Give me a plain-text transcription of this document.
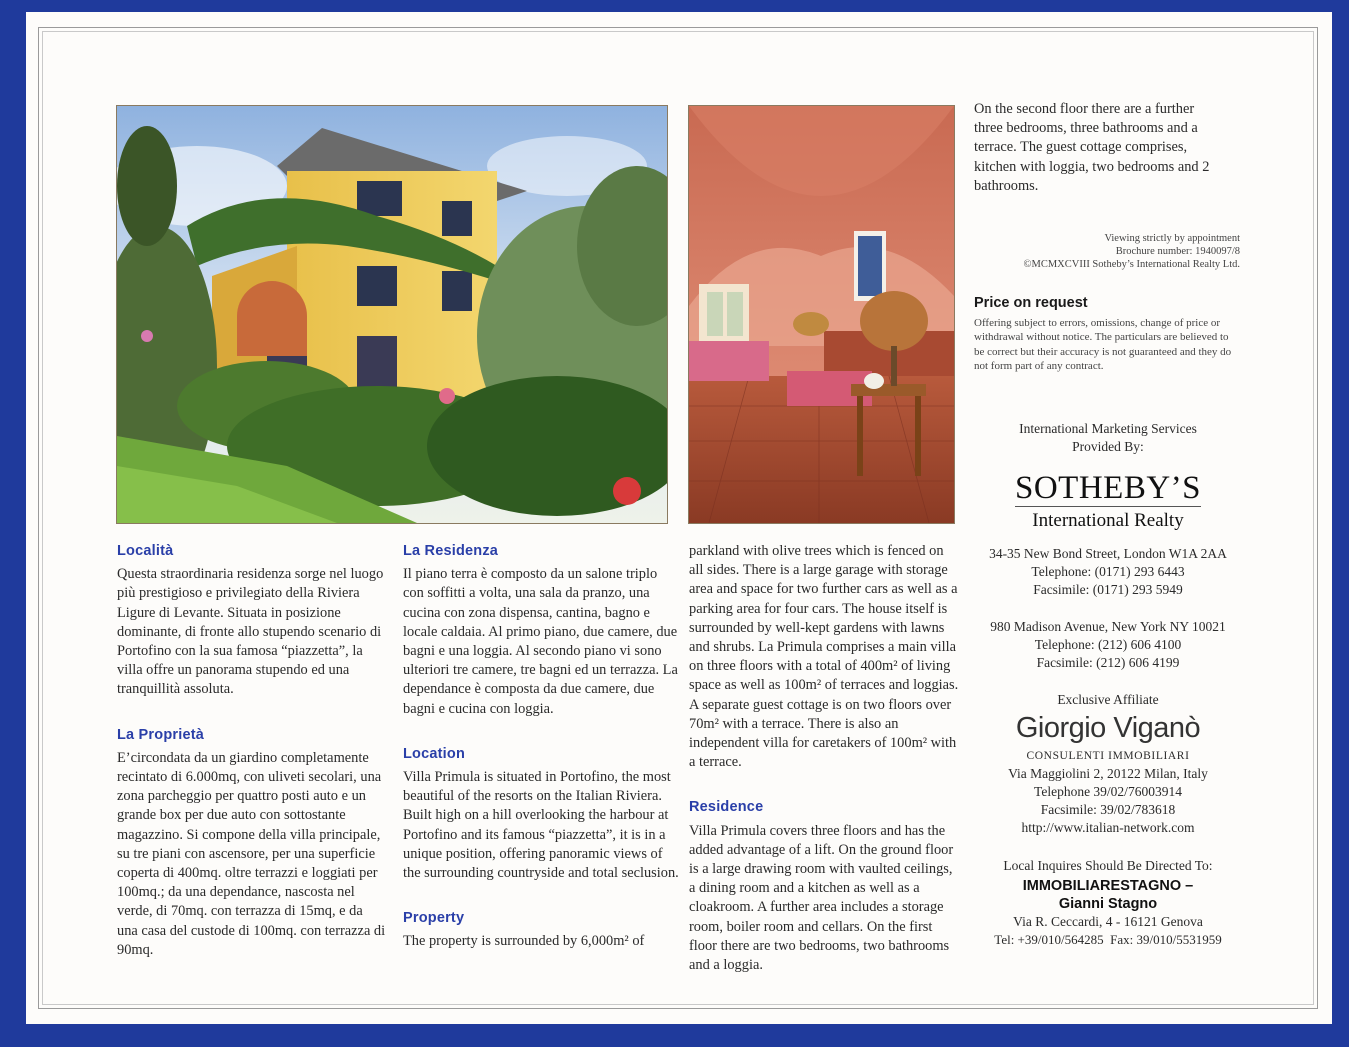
Località

Questa straordinaria residenza sorge nel luogo più prestigioso e privilegiato della Riviera Ligure di Levante. Situata in posizione dominante, di fronte allo stupendo scenario di Portofino con la sua famosa “piazzetta”, la villa offre un panorama stupendo ed una tranquillità assoluta.

La Proprietà

E’circondata da un giardino completamente recintato di 6.000mq, con uliveti secolari, una zona parcheggio per quattro posti auto e un grande box per due auto con sottostante magazzino. Si compone della villa principale, su tre piani con ascensore, per una superficie coperta di 400mq. oltre terrazzi e loggiati per 100mq.; da una dependance, nascosta nel verde, di 70mq. con terrazza di 15mq, e da una casa del custode di 100mq. con terrazza di 90mq.

La Residenza

Il piano terra è composto da un salone triplo con soffitti a volta, una sala da pranzo, una cucina con zona dispensa, cantina, bagno e locale caldaia. Al primo piano, due camere, due bagni e una loggia. Al secondo piano vi sono ulteriori tre camere, tre bagni ed un terrazza. La dependance è composta da due camere, due bagni e cucina con loggia.

Location

Villa Primula is situated in Portofino, the most beautiful of the resorts on the Italian Riviera. Built high on a hill overlooking the harbour at Portofino and its famous “piazzetta”, it is in a unique position, offering panoramic views of the surrounding countryside and total seclusion.

Property

The property is surrounded by 6,000m² of

parkland with olive trees which is fenced on all sides. There is a large garage with storage area and space for two further cars as well as a parking area for four cars. The house itself is surrounded by well-kept gardens with lawns and shrubs. La Primula comprises a main villa on three floors with a total of 400m² of living space as well as 100m² of terraces and loggias. A separate guest cottage is on two floors over 70m² with a terrace. There is also an independent villa for caretakers of 100m² with a terrace.

Residence

Villa Primula covers three floors and has the added advantage of a lift. On the ground floor is a large drawing room with vaulted ceilings, a dining room and a kitchen as well as a cloakroom. A further area includes a storage room, boiler room and cellars. On the first floor there are two bedrooms, two bathrooms and a loggia.

On the second floor there are a further three bedrooms, three bathrooms and a terrace. The guest cottage comprises, kitchen with loggia, two bedrooms and 2 bathrooms.

Viewing strictly by appointment
Brochure number: 1940097/8
©MCMXCVIII Sotheby’s International Realty Ltd.
Price on request
Offering subject to errors, omissions, change of price or withdrawal without notice. The particulars are believed to be correct but their accuracy is not guaranteed and they do not form part of any contract.
International Marketing Services
Provided By:
SOTHEBY’S
International Realty
34-35 New Bond Street, London W1A 2AA
Telephone: (0171) 293 6443
Facsimile: (0171) 293 5949
980 Madison Avenue, New York NY 10021
Telephone: (212) 606 4100
Facsimile: (212) 606 4199
Exclusive Affiliate
Giorgio Viganò
CONSULENTI IMMOBILIARI
Via Maggiolini 2, 20122 Milan, Italy
Telephone 39/02/76003914
Facsimile: 39/02/783618
http://www.italian-network.com
Local Inquires Should Be Directed To:
IMMOBILIARESTAGNO –
Gianni Stagno
Via R. Ceccardi, 4 - 16121 Genova
Tel: +39/010/564285  Fax: 39/010/5531959
